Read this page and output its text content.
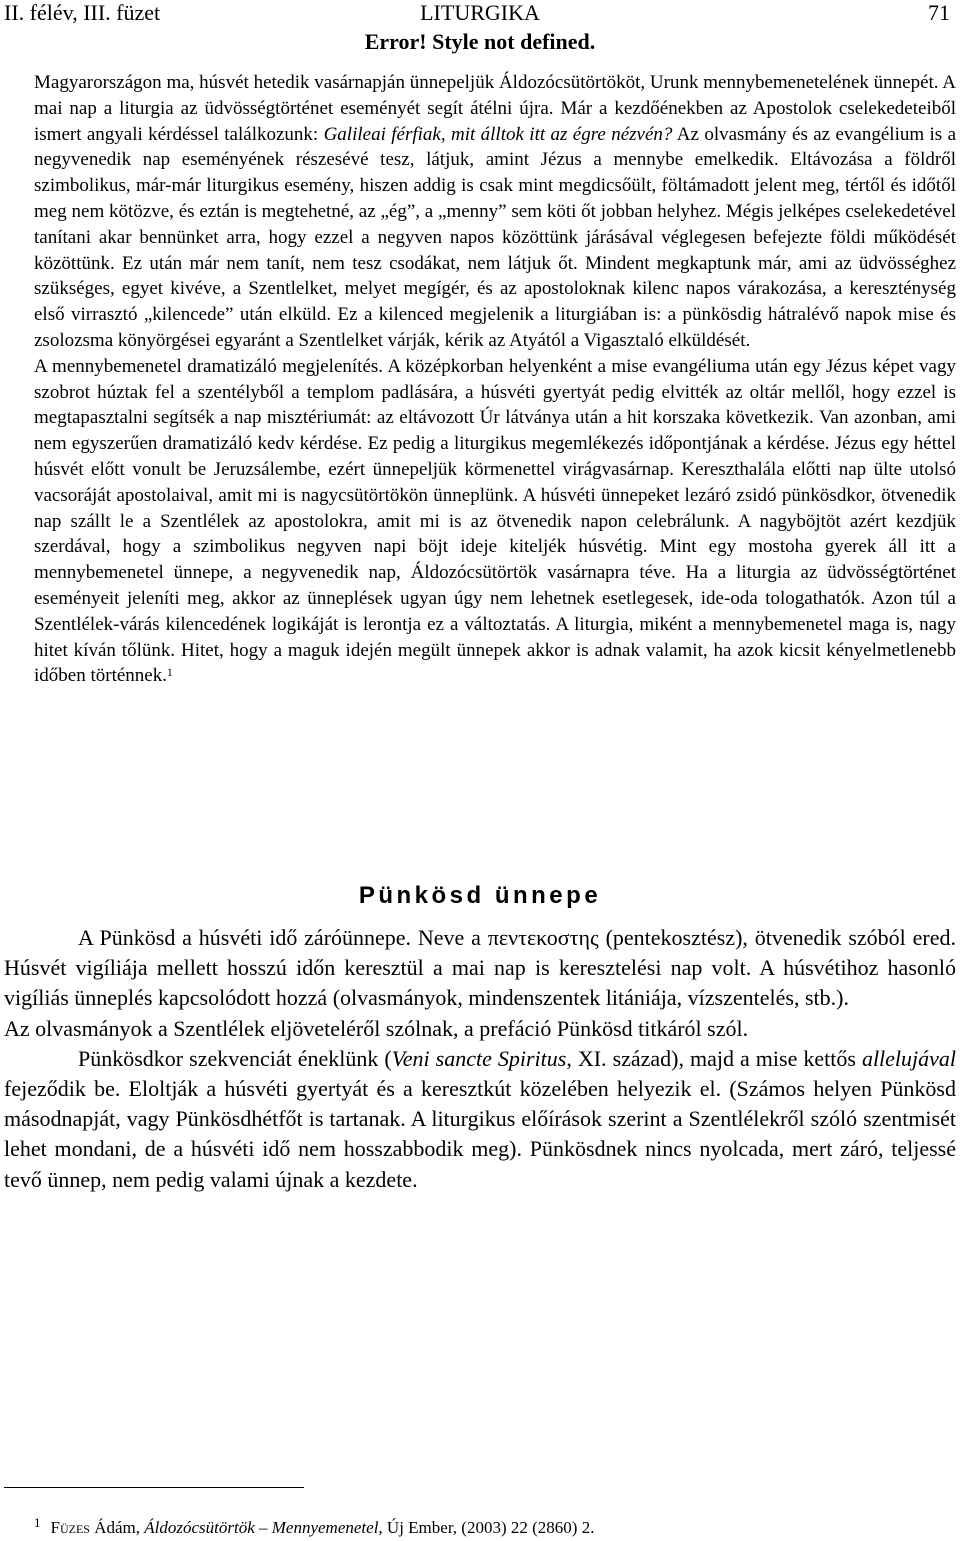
II. félév, III. füzet	LITURGIKA	71
Error! Style not defined.

Magyarországon ma, húsvét hetedik vasárnapján ünnepeljük Áldozócsütörtököt, Urunk mennybemenetelének ünnepét. A mai nap a liturgia az üdvösségtörténet eseményét segít átélni újra. Már a kezdőénekben az Apostolok cselekedeteiből ismert angyali kérdéssel találkozunk: Galileai férfiak, mit álltok itt az égre nézvén? Az olvasmány és az evangélium is a negyvenedik nap eseményének részesévé tesz, látjuk, amint Jézus a mennybe emelkedik. Eltávozása a földről szimbolikus, már-már liturgikus esemény, hiszen addig is csak mint megdicsőült, föltámadott jelent meg, tértől és időtől meg nem kötözve, és eztán is megtehetné, az „ég”, a „menny” sem köti őt jobban helyhez. Mégis jelképes cselekedetével tanítani akar bennünket arra, hogy ezzel a negyven napos közöttünk járásával véglegesen befejezte földi működését közöttünk. Ez után már nem tanít, nem tesz csodákat, nem látjuk őt. Mindent megkaptunk már, ami az üdvösséghez szükséges, egyet kivéve, a Szentlelket, melyet megígér, és az apostoloknak kilenc napos várakozása, a kereszténység első virrasztó „kilencede” után elküld. Ez a kilenced megjelenik a liturgiában is: a pünkösdig hátralévő napok mise és zsolozsma könyörgései egyaránt a Szentlelket várják, kérik az Atyától a Vigasztaló elküldését.

A mennybemenetel dramatizáló megjelenítés. A középkorban helyenként a mise evangéliuma után egy Jézus képet vagy szobrot húztak fel a szentélyből a templom padlására, a húsvéti gyertyát pedig elvitték az oltár mellől, hogy ezzel is megtapasztalni segítsék a nap misztériumát: az eltávozott Úr látványa után a hit korszaka következik. Van azonban, ami nem egyszerűen dramatizáló kedv kérdése. Ez pedig a liturgikus megemlékezés időpontjának a kérdése. Jézus egy héttel húsvét előtt vonult be Jeruzsálembe, ezért ünnepeljük körmenettel virágvasárnap. Kereszthalála előtti nap ülte utolsó vacsoráját apostolaival, amit mi is nagycsütörtökön ünneplünk. A húsvéti ünnepeket lezáró zsidó pünkösdkor, ötvenedik nap szállt le a Szentlélek az apostolokra, amit mi is az ötvenedik napon celebrálunk. A nagyböjtöt azért kezdjük szerdával, hogy a szimbolikus negyven napi böjt ideje kiteljék húsvétig. Mint egy mostoha gyerek áll itt a mennybemenetel ünnepe, a negyvenedik nap, Áldozócsütörtök vasárnapra téve. Ha a liturgia az üdvösségtörténet eseményeit jeleníti meg, akkor az ünneplések ugyan úgy nem lehetnek esetlegesek, ide-oda tologathatók. Azon túl a Szentlélek-várás kilencedének logikáját is lerontja ez a változtatás. A liturgia, miként a mennybemenetel maga is, nagy hitet kíván tőlünk. Hitet, hogy a maguk idején megült ünnepek akkor is adnak valamit, ha azok kicsit kényelmetlenebb időben történnek.$^1$

Pünkösd ünnepe

A Pünkösd a húsvéti idő záróünnepe. Neve a πεντεκοστης (pentekosztész), ötvenedik szóból ered. Húsvét vigíliája mellett hosszú időn keresztül a mai nap is keresztelési nap volt. A húsvétihoz hasonló vigíliás ünneplés kapcsolódott hozzá (olvasmányok, mindenszentek litániája, vízszentelés, stb.).

Az olvasmányok a Szentlélek eljöveteléről szólnak, a prefáció Pünkösd titkáról szól.

Pünkösdkor szekvenciát éneklünk (Veni sancte Spiritus, XI. század), majd a mise kettős allelujával fejeződik be. Eloltják a húsvéti gyertyát és a keresztkút közelében helyezik el. (Számos helyen Pünkösd másodnapját, vagy Pünkösdhétfőt is tartanak. A liturgikus előírások szerint a Szentlélekről szóló szentmisét lehet mondani, de a húsvéti idő nem hosszabbodik meg). Pünkösdnek nincs nyolcada, mert záró, teljessé tevő ünnep, nem pedig valami újnak a kezdete.

$^1$ Füzes Ádám, Áldozócsütörtök – Mennyemenetel, Új Ember, (2003) 22 (2860) 2.
